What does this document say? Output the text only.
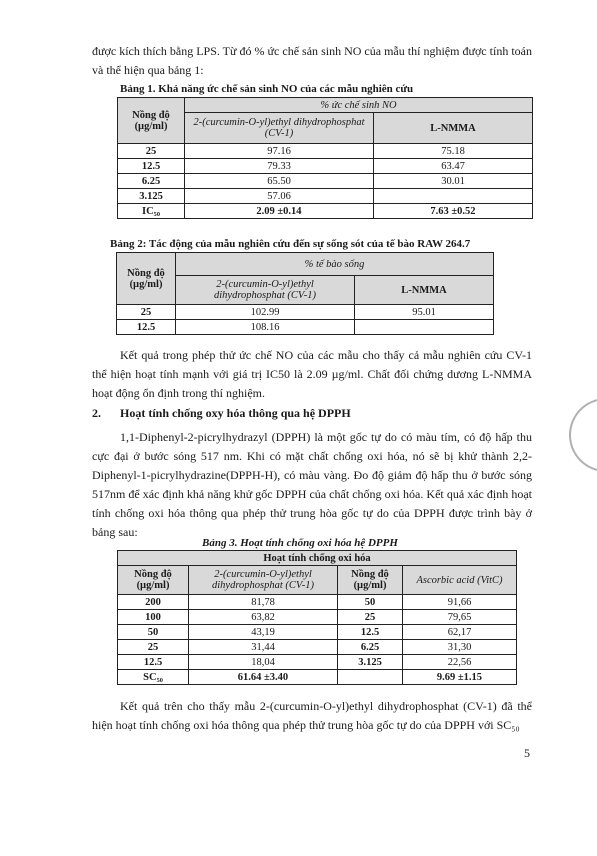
được kích thích bằng LPS. Từ đó % ức chế sản sinh NO của mẫu thí nghiệm được tính toán và thể hiện qua bảng 1:

Bảng 1. Khả năng ức chế sản sinh NO của các mẫu nghiên cứu
Nồng độ (µg/ml)	% ức chế sinh NO	
	2-(curcumin-O-yl)ethyl dihydrophosphat (CV-1)	L-NMMA
25	97.16	75.18
12.5	79.33	63.47
6.25	65.50	30.01
3.125	57.06	
IC₅₀	2.09 ±0.14	7.63 ±0.52
Bảng 2: Tác động của mẫu nghiên cứu đến sự sống sót của tế bào RAW 264.7
Nồng độ (µg/ml)	% tế bào sống	
	2-(curcumin-O-yl)ethyl dihydrophosphat (CV-1)	L-NMMA
25	102.99	95.01
12.5	108.16	

Kết quả trong phép thử ức chế NO của các mẫu cho thấy cả mẫu nghiên cứu CV-1 thể hiện hoạt tính mạnh với giá trị IC50 là 2.09 µg/ml. Chất đối chứng dương L-NMMA hoạt động ổn định trong thí nghiệm.

2. Hoạt tính chống oxy hóa thông qua hệ DPPH

1,1-Diphenyl-2-picrylhydrazyl (DPPH) là một gốc tự do có màu tím, có độ hấp thu cực đại ở bước sóng 517 nm. Khi có mặt chất chống oxi hóa, nó sẽ bị khử thành 2,2-Diphenyl-1-picrylhydrazine(DPPH-H), có màu vàng. Đo độ giảm độ hấp thu ở bước sóng 517nm để xác định khả năng khử gốc DPPH của chất chống oxi hóa. Kết quả xác định hoạt tính chống oxi hóa thông qua phép thử trung hòa gốc tự do của DPPH được trình bày ở bảng sau:

Bảng 3. Hoạt tính chống oxi hóa hệ DPPH
Hoạt tính chống oxi hóa			
Nồng độ (µg/ml)	2-(curcumin-O-yl)ethyl dihydrophosphat (CV-1)	Nồng độ (µg/ml)	Ascorbic acid (VitC)
200	81,78	50	91,66
100	63,82	25	79,65
50	43,19	12.5	62,17
25	31,44	6.25	31,30
12.5	18,04	3.125	22,56
SC₅₀	61.64 ±3.40		9.69 ±1.15

Kết quả trên cho thấy mẫu 2-(curcumin-O-yl)ethyl dihydrophosphat (CV-1) đã thể hiện hoạt tính chống oxi hóa thông qua phép thử trung hòa gốc tự do của DPPH với SC₅₀

5
